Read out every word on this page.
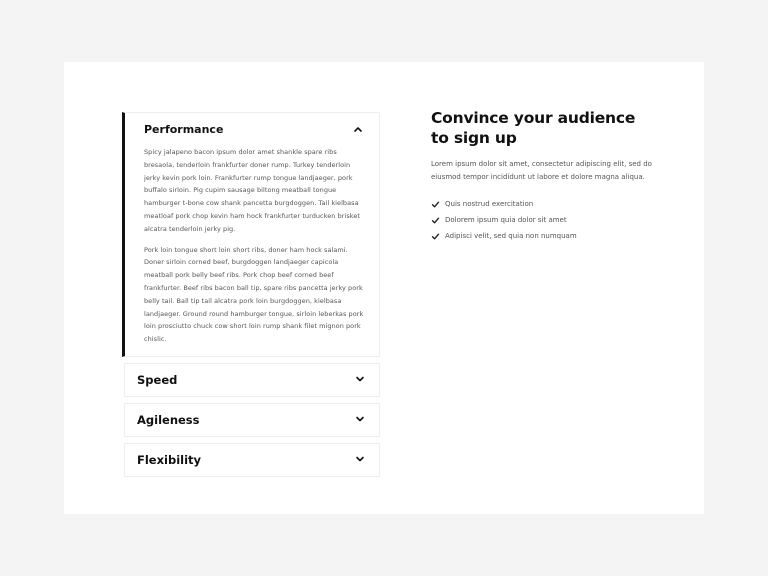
Performance

Spicy jalapeno bacon ipsum dolor amet shankle spare ribs bresaola, tenderloin frankfurter doner rump. Turkey tenderloin jerky kevin pork loin. Frankfurter rump tongue landjaeger, pork buffalo sirloin. Pig cupim sausage biltong meatball tongue hamburger t-bone cow shank pancetta burgdoggen. Tail kielbasa meatloaf pork chop kevin ham hock frankfurter turducken brisket alcatra tenderloin jerky pig.

Pork loin tongue short loin short ribs, doner ham hock salami. Doner sirloin corned beef, burgdoggen landjaeger capicola meatball pork belly beef ribs. Pork chop beef corned beef frankfurter. Beef ribs bacon ball tip, spare ribs pancetta jerky pork belly tail. Ball tip tail alcatra pork loin burgdoggen, kielbasa landjaeger. Ground round hamburger tongue, sirloin leberkas pork loin prosciutto chuck cow short loin rump shank filet mignon pork chislic.

Speed
Agileness
Flexibility
Convince your audience
to sign up

Lorem ipsum dolor sit amet, consectetur adipiscing elit, sed do eiusmod tempor incididunt ut labore et dolore magna aliqua.

Quis nostrud exercitation
Dolorem ipsum quia dolor sit amet
Adipisci velit, sed quia non numquam
